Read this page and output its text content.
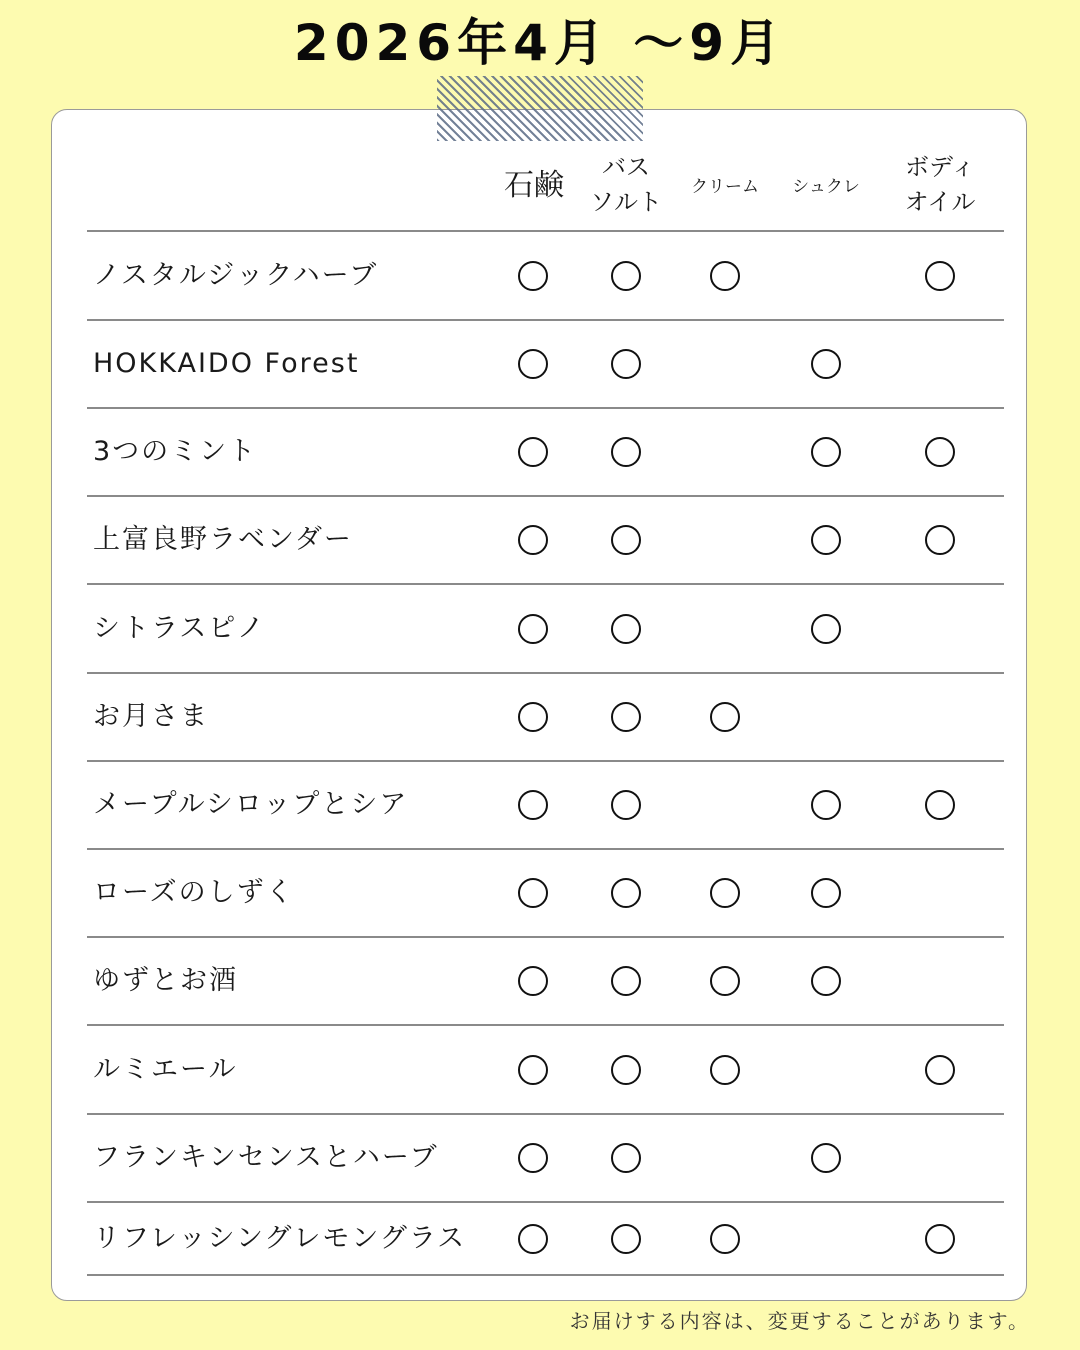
2026年4月 〜9月
石鹸
バス
ソルト
クリーム	シュクレ
ボディ
オイル
ノスタルジックハーブ
HOKKAIDO Forest
3つのミント
上富良野ラベンダー
シトラスピノ
お月さま
メープルシロップとシア
ローズのしずく
ゆずとお酒
ルミエール
フランキンセンスとハーブ
リフレッシングレモングラス
お届けする内容は、変更することがあります。
